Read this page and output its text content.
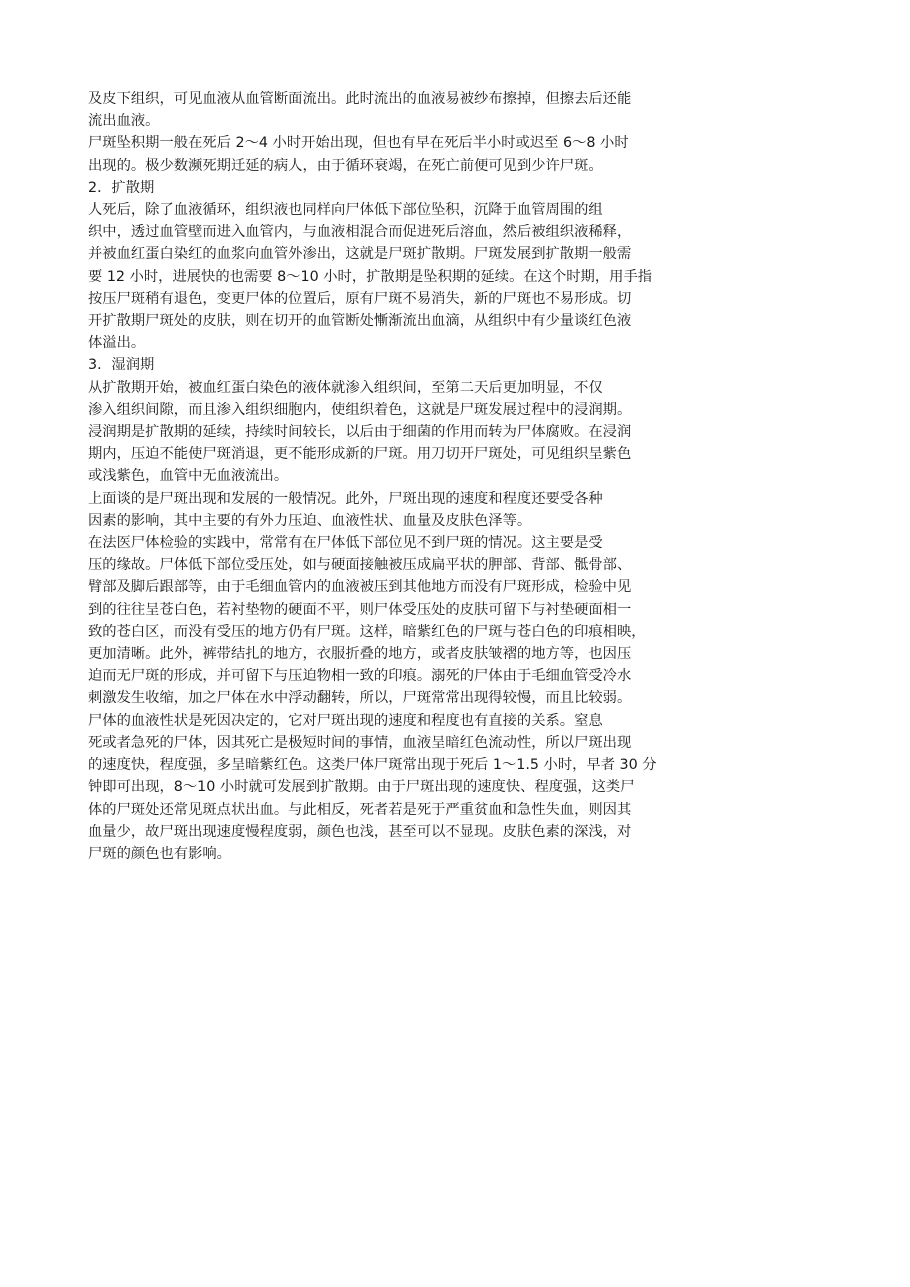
及皮下组织，可见血液从血管断面流出。此时流出的血液易被纱布擦掉，但擦去后还能
流出血液。
尸斑坠积期一般在死后 2～4 小时开始出现，但也有早在死后半小时或迟至 6～8 小时
出现的。极少数濒死期迁延的病人，由于循环衰竭，在死亡前便可见到少许尸斑。
2．扩散期
人死后，除了血液循环，组织液也同样向尸体低下部位坠积，沉降于血管周围的组
织中，透过血管壁而进入血管内，与血液相混合而促进死后溶血，然后被组织液稀释，
并被血红蛋白染红的血浆向血管外渗出，这就是尸斑扩散期。尸斑发展到扩散期一般需
要 12 小时，进展快的也需要 8～10 小时，扩散期是坠积期的延续。在这个时期，用手指
按压尸斑稍有退色，变更尸体的位置后，原有尸斑不易消失，新的尸斑也不易形成。切
开扩散期尸斑处的皮肤，则在切开的血管断处慚渐流出血滴，从组织中有少量谈红色液
体溢出。
3．湿润期
从扩散期开始，被血红蛋白染色的液体就渗入组织间，至第二天后更加明显，不仅
渗入组织间隙，而且渗入组织细胞内，使组织着色，这就是尸斑发展过程中的浸润期。
浸润期是扩散期的延续，持续时间较长，以后由于细菌的作用而转为尸体腐败。在浸润
期内，压迫不能使尸斑消退，更不能形成新的尸斑。用刀切开尸斑处，可见组织呈紫色
或浅紫色，血管中无血液流出。
上面谈的是尸斑出现和发展的一般情况。此外，尸斑出现的速度和程度还要受各种
因素的影响，其中主要的有外力压迫、血液性状、血量及皮肤色泽等。
在法医尸体检验的实践中，常常有在尸体低下部位见不到尸斑的情况。这主要是受
压的缘故。尸体低下部位受压处，如与硬面接触被压成扁平状的胛部、背部、骶骨部、
臂部及脚后跟部等，由于毛细血管内的血液被压到其他地方而没有尸斑形成，检验中见
到的往往呈苍白色，若衬垫物的硬面不平，则尸体受压处的皮肤可留下与衬垫硬面相一
致的苍白区，而没有受压的地方仍有尸斑。这样，暗紫红色的尸斑与苍白色的印痕相映，
更加清晰。此外，裤带结扎的地方，衣服折叠的地方，或者皮肤皱褶的地方等，也因压
迫而无尸斑的形成，并可留下与压迫物相一致的印痕。溺死的尸体由于毛细血管受冷水
刺激发生收缩，加之尸体在水中浮动翻转，所以，尸斑常常出现得较慢，而且比较弱。
尸体的血液性状是死因决定的，它对尸斑出现的速度和程度也有直接的关系。窒息
死或者急死的尸体，因其死亡是极短时间的事情，血液呈暗红色流动性，所以尸斑出现
的速度快，程度强，多呈暗紫红色。这类尸体尸斑常出现于死后 1～1.5 小时，早者 30 分
钟即可出现，8～10 小时就可发展到扩散期。由于尸斑出现的速度快、程度强，这类尸
体的尸斑处还常见斑点状出血。与此相反，死者若是死于严重贫血和急性失血，则因其
血量少，故尸斑出现速度慢程度弱，颜色也浅，甚至可以不显现。皮肤色素的深浅，对
尸斑的颜色也有影响。
